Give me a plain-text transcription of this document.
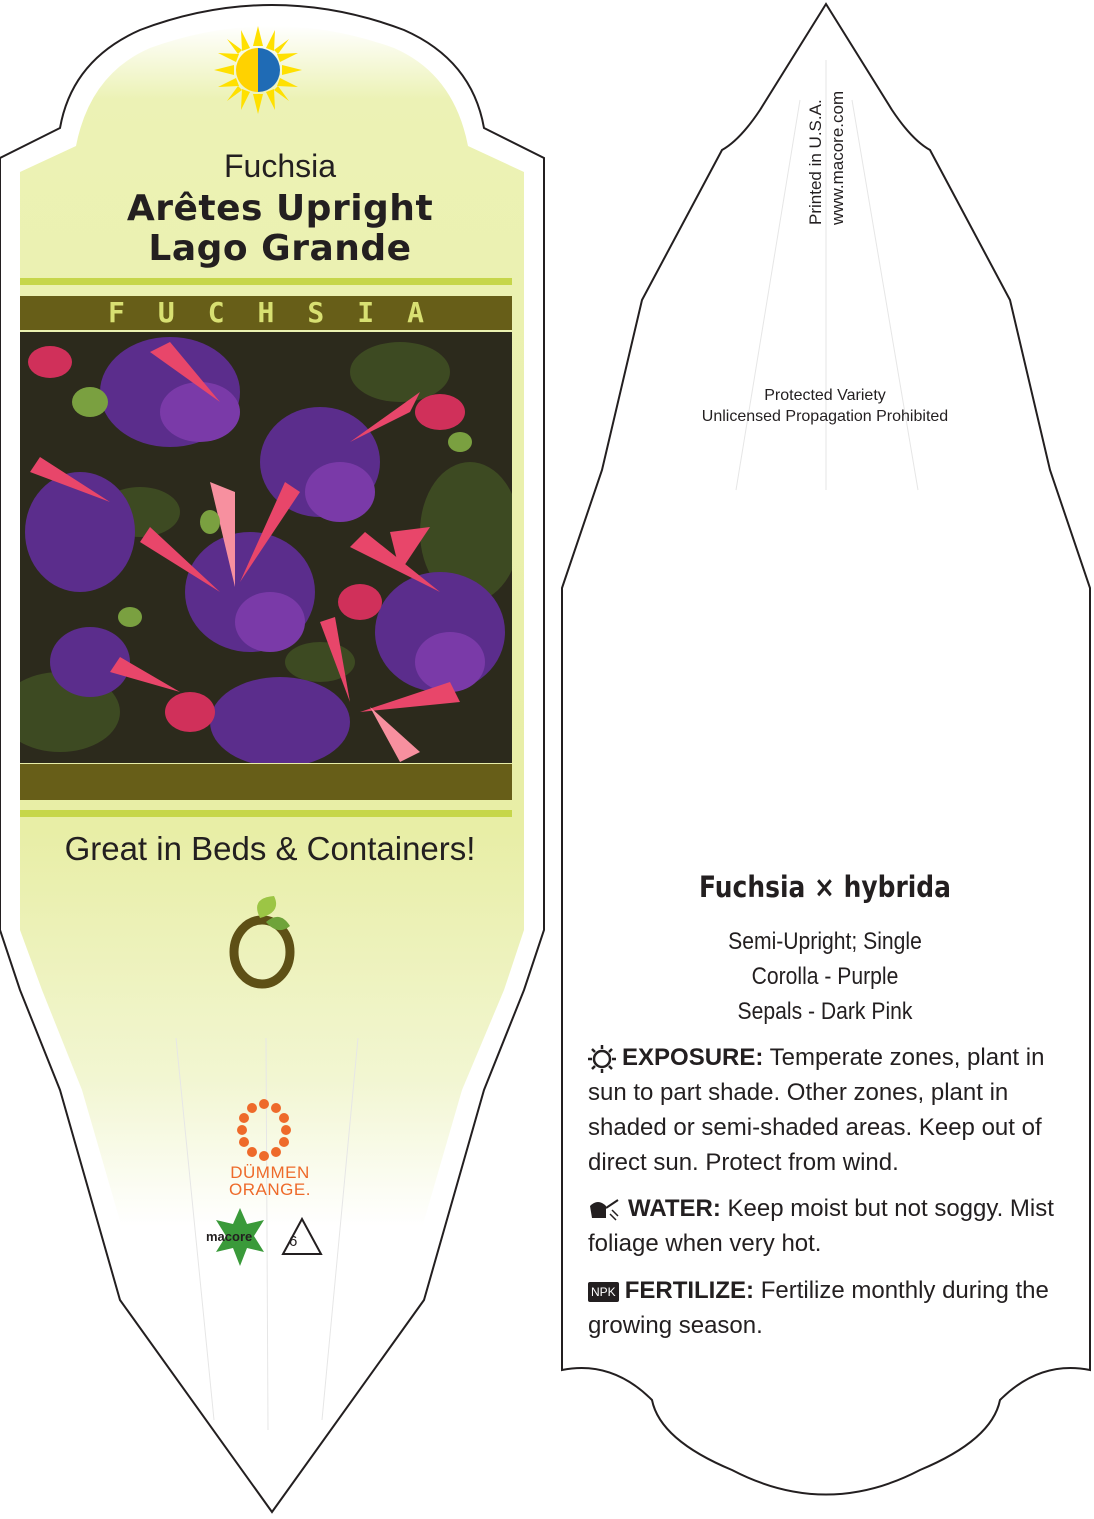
Fuchsia
Arêtes Upright
Lago Grande
FUCHSIA
Great in Beds & Containers!
DÜMMEN
ORANGE.
macore 6
Printed in U.S.A. www.macore.com
Protected Variety
Unlicensed Propagation Prohibited
Fuchsia × hybrida
Semi-Upright; Single
Corolla - Purple
Sepals - Dark Pink
EXPOSURE: Temperate zones, plant in sun to part shade. Other zones, plant in shaded or semi-shaded areas. Keep out of direct sun. Protect from wind.
WATER: Keep moist but not soggy. Mist foliage when very hot.
NPK FERTILIZE: Fertilize monthly during the growing season.
